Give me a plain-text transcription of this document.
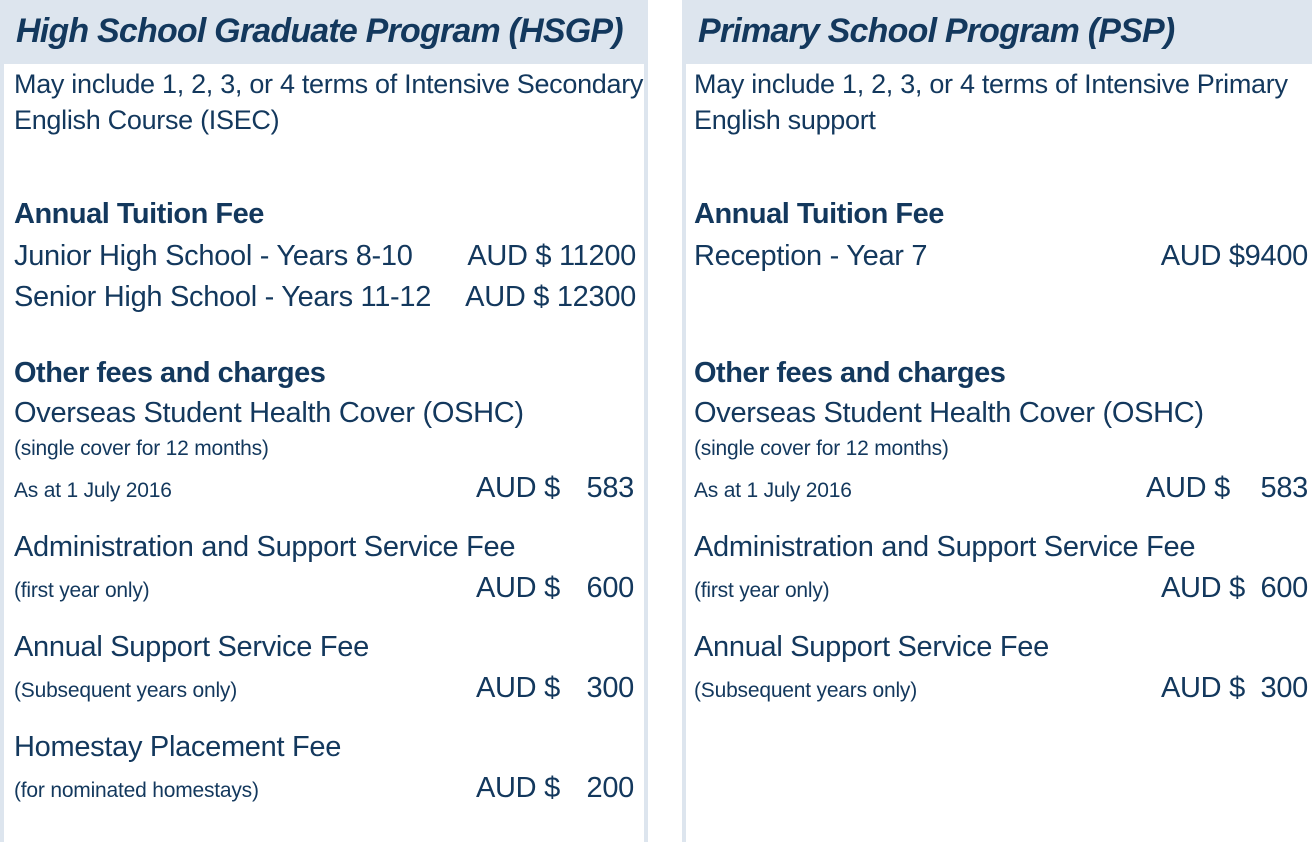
High School Graduate Program (HSGP)
May include 1, 2, 3, or 4 terms of Intensive Secondary English Course (ISEC)
Annual Tuition Fee
Junior High School - Years 8-10 AUD $ 11200
Senior High School - Years 11-12 AUD $ 12300
Other fees and charges
Overseas Student Health Cover (OSHC)
(single cover for 12 months)
As at 1 July 2016	AUD $ 583
Administration and Support Service Fee
(first year only)	AUD $ 600
Annual Support Service Fee
(Subsequent years only)	AUD $ 300
Homestay Placement Fee
(for nominated homestays)	AUD $ 200
Primary School Program (PSP)
May include 1, 2, 3, or 4 terms of Intensive Primary English support
Annual Tuition Fee
Reception - Year 7	AUD $9400
Other fees and charges
Overseas Student Health Cover (OSHC)
(single cover for 12 months)
As at 1 July 2016	AUD $ 583
Administration and Support Service Fee
(first year only)	AUD $ 600
Annual Support Service Fee
(Subsequent years only)	AUD $ 300
